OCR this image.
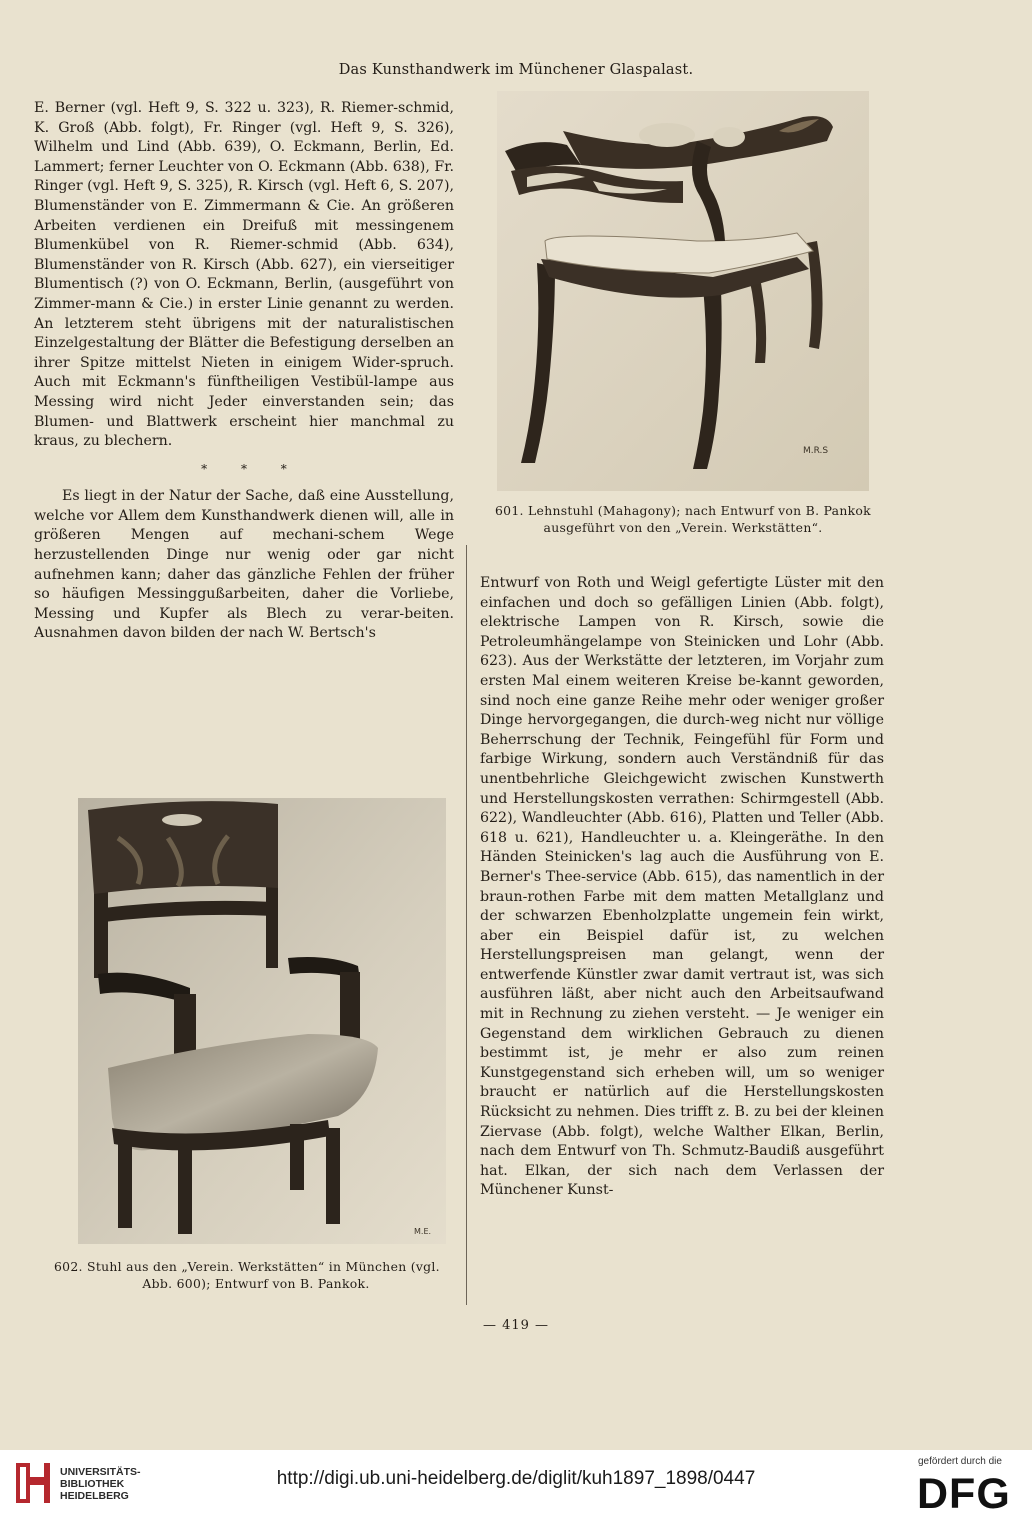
Das Kunsthandwerk im Münchener Glaspalast.
M.R.S
601. Lehnstuhl (Mahagony); nach Entwurf von B. Pankok
ausgeführt von den „Verein. Werkstätten“.

E. Berner (vgl. Heft 9, S. 322 u. 323), R. Riemer-schmid, K. Groß (Abb. folgt), Fr. Ringer (vgl. Heft 9, S. 326), Wilhelm und Lind (Abb. 639), O. Eckmann, Berlin, Ed. Lammert; ferner Leuchter von O. Eckmann (Abb. 638), Fr. Ringer (vgl. Heft 9, S. 325), R. Kirsch (vgl. Heft 6, S. 207), Blumenständer von E. Zimmermann & Cie. An größeren Arbeiten verdienen ein Dreifuß mit messingenem Blumenkübel von R. Riemer-schmid (Abb. 634), Blumenständer von R. Kirsch (Abb. 627), ein vierseitiger Blumentisch (?) von O. Eckmann, Berlin, (ausgeführt von Zimmer-mann & Cie.) in erster Linie genannt zu werden. An letzterem steht übrigens mit der naturalistischen Einzelgestaltung der Blätter die Befestigung derselben an ihrer Spitze mittelst Nieten in einigem Wider-spruch. Auch mit Eckmann's fünftheiligen Vestibül-lampe aus Messing wird nicht Jeder einverstanden sein; das Blumen- und Blattwerk erscheint hier manchmal zu kraus, zu blechern.

* * *

Es liegt in der Natur der Sache, daß eine Ausstellung, welche vor Allem dem Kunsthandwerk dienen will, alle in größeren Mengen auf mechani-schem Wege herzustellenden Dinge nur wenig oder gar nicht aufnehmen kann; daher das gänzliche Fehlen der früher so häufigen Messinggußarbeiten, daher die Vorliebe, Messing und Kupfer als Blech zu verar-beiten. Ausnahmen davon bilden der nach W. Bertsch's

Entwurf von Roth und Weigl gefertigte Lüster mit den einfachen und doch so gefälligen Linien (Abb. folgt), elektrische Lampen von R. Kirsch, sowie die Petroleumhängelampe von Steinicken und Lohr (Abb. 623). Aus der Werkstätte der letzteren, im Vorjahr zum ersten Mal einem weiteren Kreise be-kannt geworden, sind noch eine ganze Reihe mehr oder weniger großer Dinge hervorgegangen, die durch-weg nicht nur völlige Beherrschung der Technik, Feingefühl für Form und farbige Wirkung, sondern auch Verständniß für das unentbehrliche Gleichgewicht zwischen Kunstwerth und Herstellungskosten verrathen: Schirmgestell (Abb. 622), Wandleuchter (Abb. 616), Platten und Teller (Abb. 618 u. 621), Handleuchter u. a. Kleingeräthe. In den Händen Steinicken's lag auch die Ausführung von E. Berner's Thee-service (Abb. 615), das namentlich in der braun-rothen Farbe mit dem matten Metallglanz und der schwarzen Ebenholzplatte ungemein fein wirkt, aber ein Beispiel dafür ist, zu welchen Herstellungspreisen man gelangt, wenn der entwerfende Künstler zwar damit vertraut ist, was sich ausführen läßt, aber nicht auch den Arbeitsaufwand mit in Rechnung zu ziehen versteht. — Je weniger ein Gegenstand dem wirklichen Gebrauch zu dienen bestimmt ist, je mehr er also zum reinen Kunstgegenstand sich erheben will, um so weniger braucht er natürlich auf die Herstellungskosten Rücksicht zu nehmen. Dies trifft z. B. zu bei der kleinen Ziervase (Abb. folgt), welche Walther Elkan, Berlin, nach dem Entwurf von Th. Schmutz-Baudiß ausgeführt hat. Elkan, der sich nach dem Verlassen der Münchener Kunst-

M.E.
602. Stuhl aus den „Verein. Werkstätten“ in München (vgl.
Abb. 600); Entwurf von B. Pankok.
— 419 —
UNIVERSITÄTS-
BIBLIOTHEK
HEIDELBERG
http://digi.ub.uni-heidelberg.de/diglit/kuh1897_1898/0447
gefördert durch die
DFG
